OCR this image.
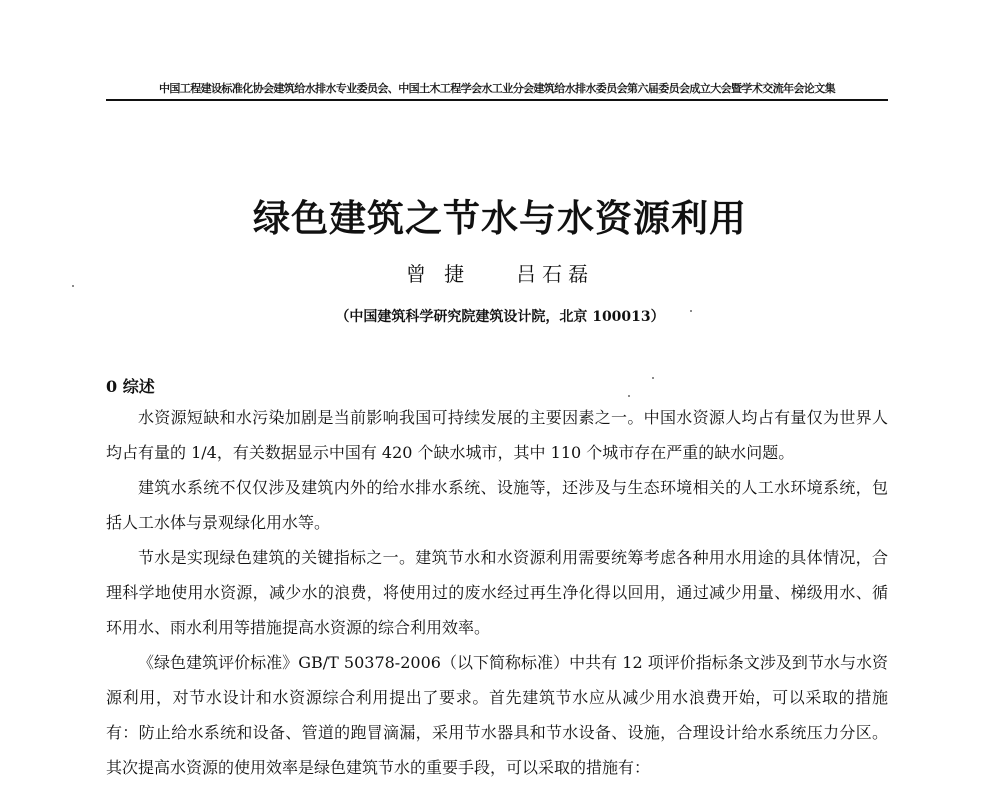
中国工程建设标准化协会建筑给水排水专业委员会、中国土木工程学会水工业分会建筑给水排水委员会第六届委员会成立大会暨学术交流年会论文集
绿色建筑之节水与水资源利用
曾 捷 吕石磊
（中国建筑科学研究院建筑设计院，北京 100013）
0 综述

水资源短缺和水污染加剧是当前影响我国可持续发展的主要因素之一。中国水资源人均占有量仅为世界人均占有量的 1/4，有关数据显示中国有 420 个缺水城市，其中 110 个城市存在严重的缺水问题。

建筑水系统不仅仅涉及建筑内外的给水排水系统、设施等，还涉及与生态环境相关的人工水环境系统，包括人工水体与景观绿化用水等。

节水是实现绿色建筑的关键指标之一。建筑节水和水资源利用需要统筹考虑各种用水用途的具体情况，合理科学地使用水资源，减少水的浪费，将使用过的废水经过再生净化得以回用，通过减少用量、梯级用水、循环用水、雨水利用等措施提高水资源的综合利用效率。

《绿色建筑评价标准》GB/T 50378-2006（以下简称标准）中共有 12 项评价指标条文涉及到节水与水资源利用，对节水设计和水资源综合利用提出了要求。首先建筑节水应从减少用水浪费开始，可以采取的措施有：防止给水系统和设备、管道的跑冒滴漏，采用节水器具和节水设备、设施，合理设计给水系统压力分区。其次提高水资源的使用效率是绿色建筑节水的重要手段，可以采取的措施有：
